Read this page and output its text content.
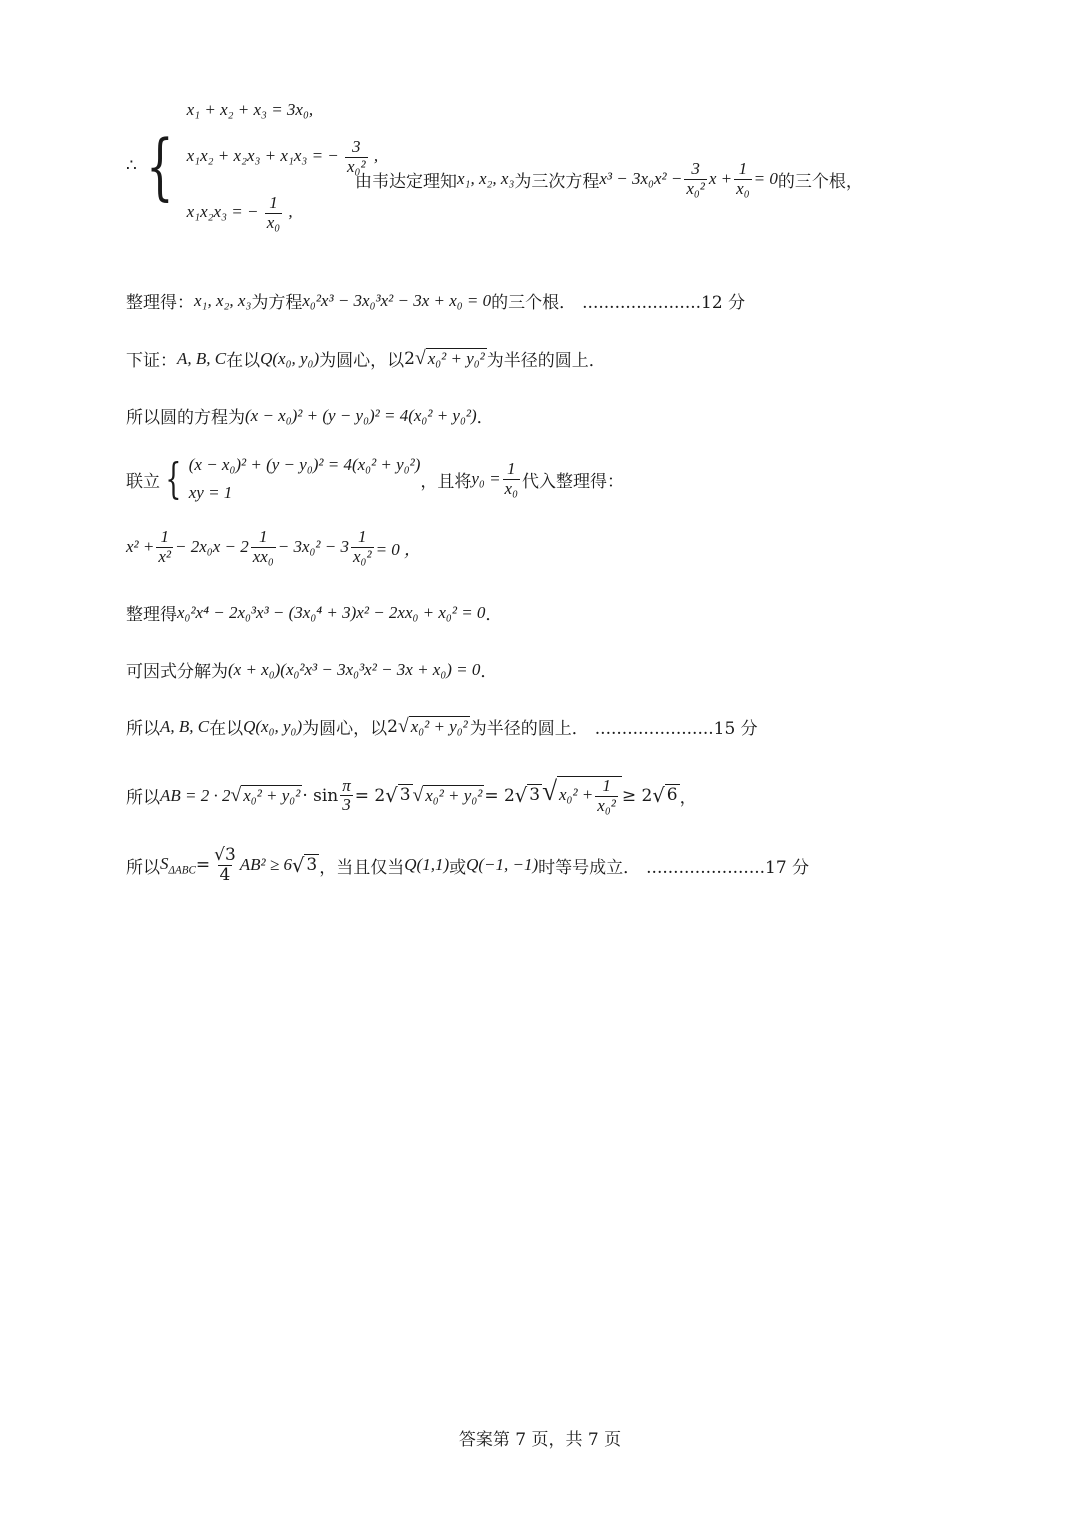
∴ {
x₁ + x₂ + x₃ = 3x₀,
x₁x₂ + x₂x₃ + x₁x₃ = − $\frac{3}{\text{x₀²}}$ ,
x₁x₂x₃ = − $\frac{1}{\text{x₀}}$ ,
由韦达定理知 x₁, x₂, x₃ 为三次方程 $x^3 - 3x_0x^2 - \frac{3}{\text{x₀²}}$ $x + \frac{1}{\text{x₀}} = 0$ 的三个根，
整理得： x₁, x₂, x₃ 为方程 x₀²x³ − 3x₀³x² − 3x + x₀ = 0 的三个根． ......................12 分
下证： A, B, C 在以 Q(x₀, y₀) 为圆心，以 2 √ x₀² + y₀² 为半径的圆上．
所以圆的方程为 (x − x₀)² + (y − y₀)² = 4(x₀² + y₀²) ．
联立 { (x − x₀)² + (y − y₀)² = 4(x₀² + y₀²)
xy = 1
，且将 $y_0 = \frac{1}{\text{x₀}}$ 代入整理得：
$x^2 + \frac{1}{\text{x²}} - 2x_0x - 2 \frac{1}{\text{xx₀}} - 3x_0^2 - 3 \frac{1}{\text{x₀²}} = 0$ ，
整理得 x₀²x⁴ − 2x₀³x³ − (3x₀⁴ + 3)x² − 2xx₀ + x₀² = 0 ．
可因式分解为 (x + x₀)(x₀²x³ − 3x₀³x² − 3x + x₀) = 0 ．
所以 A, B, C 在以 Q(x₀, y₀) 为圆心，以 2 √ x₀² + y₀² 为半径的圆上． ......................15 分
所以 AB = 2 · 2 √ $x_0^2 + y_0^2 \cdot \sin \frac{\pi}{3} = 2$ √ 3 √ x₀² + y₀² = 2 √ 3 √ $x_0^2 + \frac{1}{\text{x₀²}} \ge 2$ √ 6 ，
所以 $S_{\Delta ABC} = \frac{√3}{4} AB^2 \ge 6$ √ 3 ，当且仅当 Q(1,1) 或 Q(−1, −1) 时等号成立． ......................17 分
答案第 7 页，共 7 页
